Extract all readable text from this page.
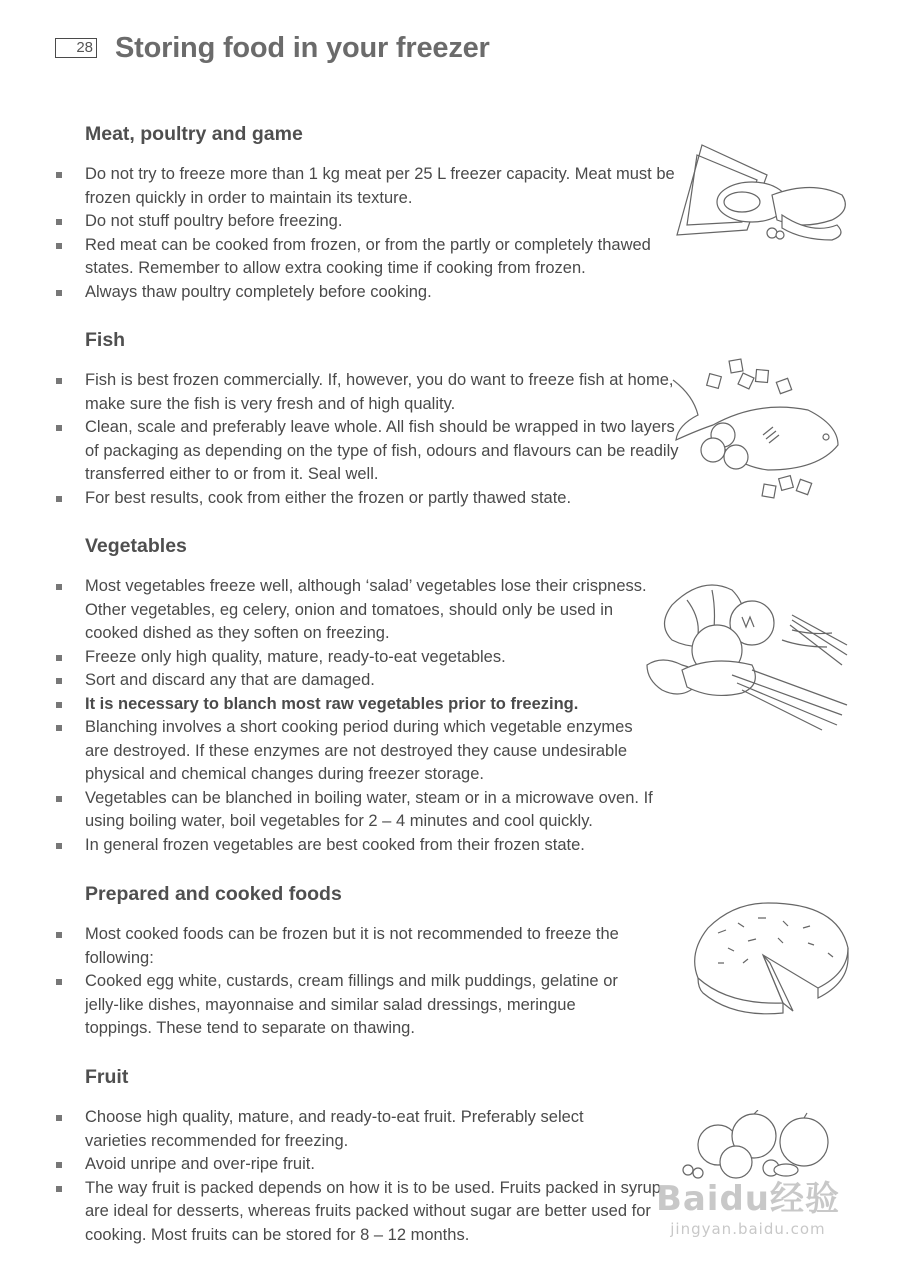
28 Storing food in your freezer
Meat, poultry and game
Do not try to freeze more than 1 kg meat per 25 L freezer capacity. Meat must be frozen quickly in order to maintain its texture.
Do not stuff poultry before freezing.
Red meat can be cooked from frozen, or from the partly or completely thawed states. Remember to allow extra cooking time if cooking from frozen.
Always thaw poultry completely before cooking.
Fish
Fish is best frozen commercially. If, however, you do want to freeze fish at home, make sure the fish is very fresh and of high quality.
Clean, scale and preferably leave whole. All fish should be wrapped in two layers of packaging as depending on the type of fish, odours and flavours can be readily transferred either to or from it. Seal well.
For best results, cook from either the frozen or partly thawed state.
Vegetables
Most vegetables freeze well, although ‘salad’ vegetables lose their crispness. Other vegetables, eg celery, onion and tomatoes, should only be used in cooked dished as they soften on freezing.
Freeze only high quality, mature, ready-to-eat vegetables.
Sort and discard any that are damaged.
It is necessary to blanch most raw vegetables prior to freezing.
Blanching involves a short cooking period during which vegetable enzymes are destroyed. If these enzymes are not destroyed they cause undesirable physical and chemical changes during freezer storage.
Vegetables can be blanched in boiling water, steam or in a microwave oven. If using boiling water, boil vegetables for 2 – 4 minutes and cool quickly.
In general frozen vegetables are best cooked from their frozen state.
Prepared and cooked foods
Most cooked foods can be frozen but it is not recommended to freeze the following:
Cooked egg white, custards, cream fillings and milk puddings, gelatine or jelly-like dishes, mayonnaise and similar salad dressings, meringue toppings. These tend to separate on thawing.
Fruit
Choose high quality, mature, and ready-to-eat fruit. Preferably select varieties recommended for freezing.
Avoid unripe and over-ripe fruit.
The way fruit is packed depends on how it is to be used. Fruits packed in syrup are ideal for desserts, whereas fruits packed without sugar are better used for cooking. Most fruits can be stored for 8 – 12 months.
Baidu经验
jingyan.baidu.com
